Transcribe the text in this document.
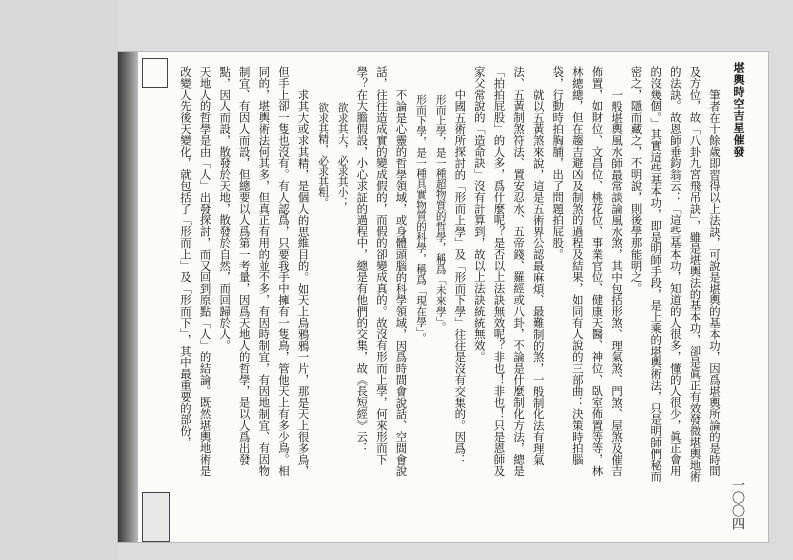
堪輿時空吉星催發
一〇〇四

筆者在十餘歲即習得以上法訣，可說是堪輿的基本功，因爲堪輿所論的是時間及方位，故「八卦九宮飛吊訣」，雖是堪輿法的基本功，卻是眞正有效發微堪輿地術的法訣。故恩師垂鈞翁云：「這些基本功，知道的人很多，懂的人很少，眞正會用的沒幾個。」其實這些基本功，即是明師手段，是上乘的堪輿術法，只是明師們秘而密之，隱而藏之，不明說，則後學那能明之。

一般堪輿風水師最常談論風水煞，其中包括形煞、理氣煞、門煞、屋煞及催吉佈置，如財位、文昌位、桃花位、事業官位、健康天醫、神位、臥室佈置等等，林林總總，但在趨吉避凶及制煞的過程及結果，如同有人說的三部曲：決策時拍腦袋，行動時拍胸脯，出了問題拍屁股。

就以五黃煞來說，這是五術界公認最麻煩、最難制的煞，一般制化法有理氣法、五黃制煞符法、置安忍水、五帝錢、羅經或八卦，不論是什麼制化方法，總是「拍拍屁股」的人多，爲什麼呢？是否以上法訣無效呢？非也！非也！只是恩師及家父常說的「造命訣」沒有計算到，故以上法訣統統無效。

中國五術所探討的「形而上學」及「形而下學」往往是沒有交集的。因爲：

形而上學，是一種超物質的哲學，稱爲「未來學」。

形而下學，是一種具實物質的科學，稱爲「現在學」。

不論是心靈的哲學領域，或身體頭腦的科學領域，因爲時間會說話、空間會說話，往往造成實的變成假的，而假的卻變成真的。故沒有形而上學，何來形而下學？在大膽假設，小心求証的過程中，總是有他們的交集，故《長短經》云：

欲求其大，必求其小；

欲求其精，必求其粗。

求其大或求其精，是個人的思維目的。如天上鳥鴉鴉一片，那是天上很多鳥，但手上卻一隻也沒有。有人認爲，只要我手中擁有一隻鳥，管他天上有多少鳥。相同的，堪輿術法何其多，但真正有用的並不多，有因時制宜，有因地制宜、有因物制宜、有因人而設，但總要以人爲第一考量，因爲天地人的哲學，是以人爲出發點，因人而設，散發於天地，散發於自然，而回歸於人。

天地人的哲學是由「人」出發探討，而又回到原點「人」的結論。既然堪輿地術是改變人先後天變化，就包括了「形而上」及「形而下」，其中最重要的部份，
